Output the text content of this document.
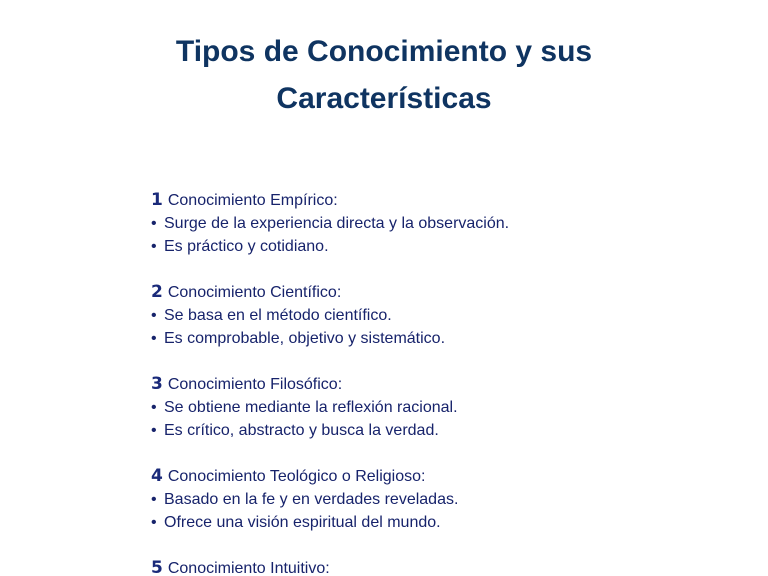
Tipos de Conocimiento y sus Características
1 Conocimiento Empírico:
• Surge de la experiencia directa y la observación.
• Es práctico y cotidiano.
2 Conocimiento Científico:
• Se basa en el método científico.
• Es comprobable, objetivo y sistemático.
3 Conocimiento Filosófico:
• Se obtiene mediante la reflexión racional.
• Es crítico, abstracto y busca la verdad.
4 Conocimiento Teológico o Religioso:
• Basado en la fe y en verdades reveladas.
• Ofrece una visión espiritual del mundo.
5 Conocimiento Intuitivo:
